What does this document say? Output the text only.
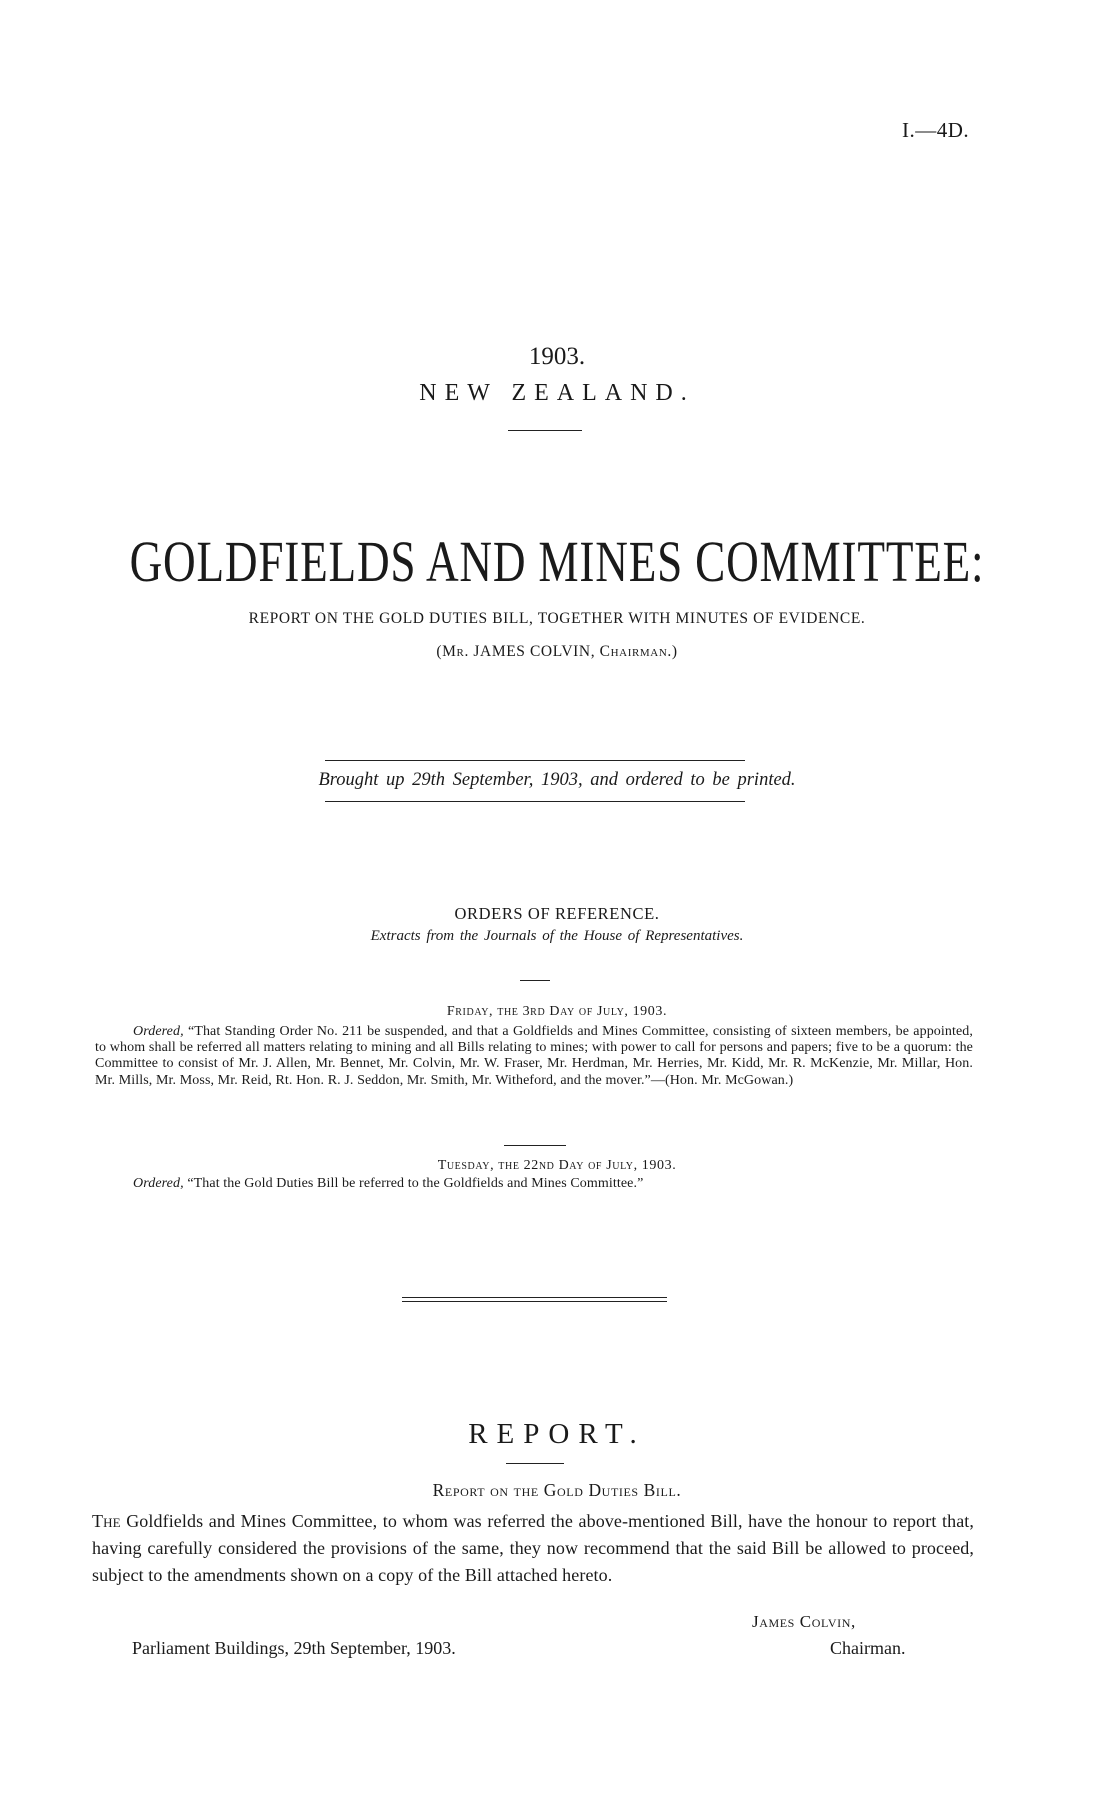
I.—4D.
1903.
NEW ZEALAND.
GOLDFIELDS AND MINES COMMITTEE:
REPORT ON THE GOLD DUTIES BILL, TOGETHER WITH MINUTES OF EVIDENCE.
(Mr. JAMES COLVIN, Chairman.)
Brought up 29th September, 1903, and ordered to be printed.
ORDERS OF REFERENCE.
Extracts from the Journals of the House of Representatives.
Friday, the 3rd Day of July, 1903.
Ordered, “That Standing Order No. 211 be suspended, and that a Goldfields and Mines Committee, consisting of sixteen members, be appointed, to whom shall be referred all matters relating to mining and all Bills relating to mines; with power to call for persons and papers; five to be a quorum: the Committee to consist of Mr. J. Allen, Mr. Bennet, Mr. Colvin, Mr. W. Fraser, Mr. Herdman, Mr. Herries, Mr. Kidd, Mr. R. McKenzie, Mr. Millar, Hon. Mr. Mills, Mr. Moss, Mr. Reid, Rt. Hon. R. J. Seddon, Mr. Smith, Mr. Witheford, and the mover.”—(Hon. Mr. McGowan.)
Tuesday, the 22nd Day of July, 1903.
Ordered, “That the Gold Duties Bill be referred to the Goldfields and Mines Committee.”
REPORT.
Report on the Gold Duties Bill.
The Goldfields and Mines Committee, to whom was referred the above-mentioned Bill, have the honour to report that, having carefully considered the provisions of the same, they now recommend that the said Bill be allowed to proceed, subject to the amendments shown on a copy of the Bill attached hereto.
James Colvin,
Chairman.
Parliament Buildings, 29th September, 1903.
